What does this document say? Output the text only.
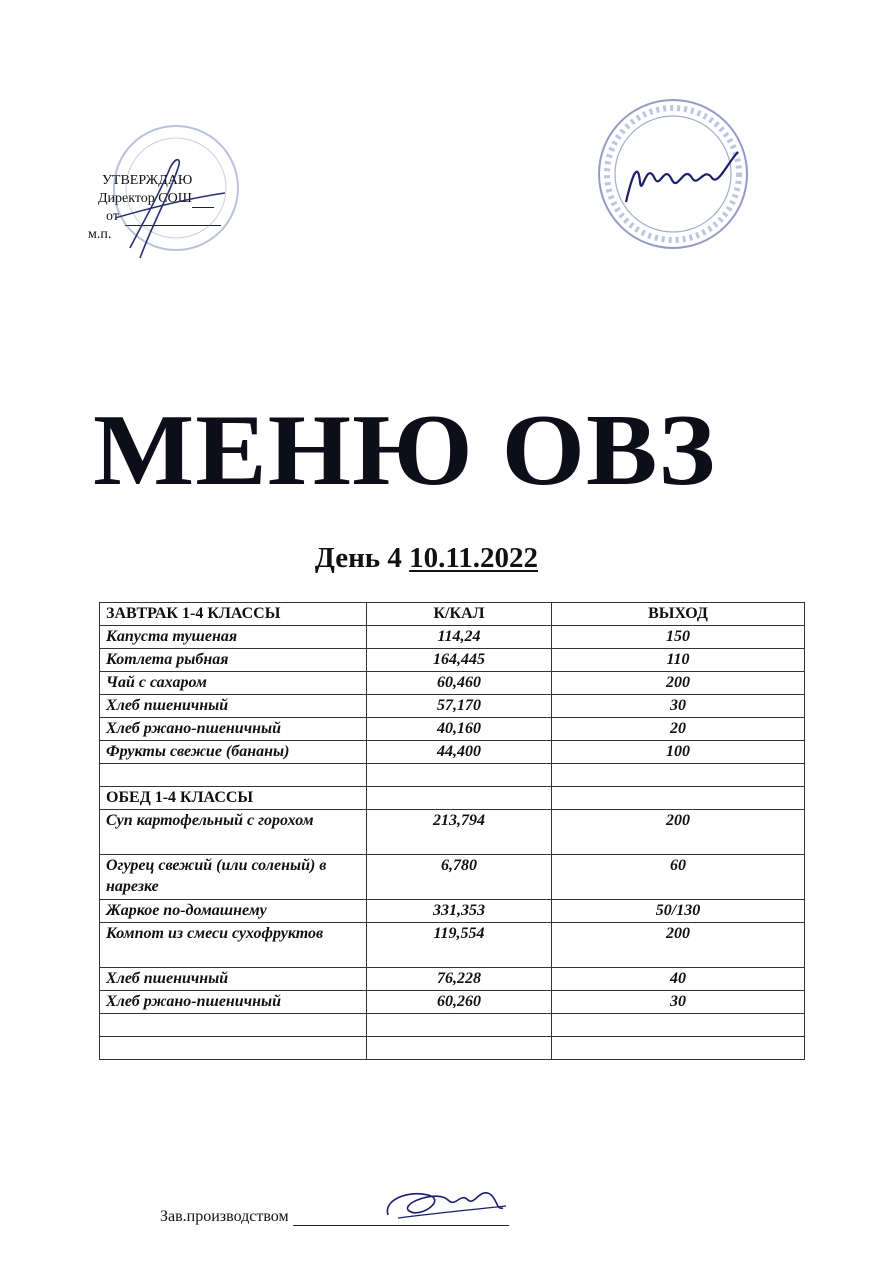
УТВЕРЖДАЮ
Директор СОШ
от
м.п.
МЕНЮ ОВЗ
День 4 10.11.2022
ЗАВТРАК 1-4 КЛАССЫ	К/КАЛ	ВЫХОД
Капуста тушеная	114,24	150
Котлета рыбная	164,445	110
Чай с сахаром	60,460	200
Хлеб пшеничный	57,170	30
Хлеб ржано-пшеничный	40,160	20
Фрукты свежие (бананы)	44,400	100

ОБЕД 1-4 КЛАССЫ		
Суп картофельный с горохом	213,794	200
Огурец свежий (или соленый) в нарезке	6,780	60
Жаркое по-домашнему	331,353	50/130
Компот из смеси сухофруктов	119,554	200
Хлеб пшеничный	76,228	40
Хлеб ржано-пшеничный	60,260	30

Зав.производством
